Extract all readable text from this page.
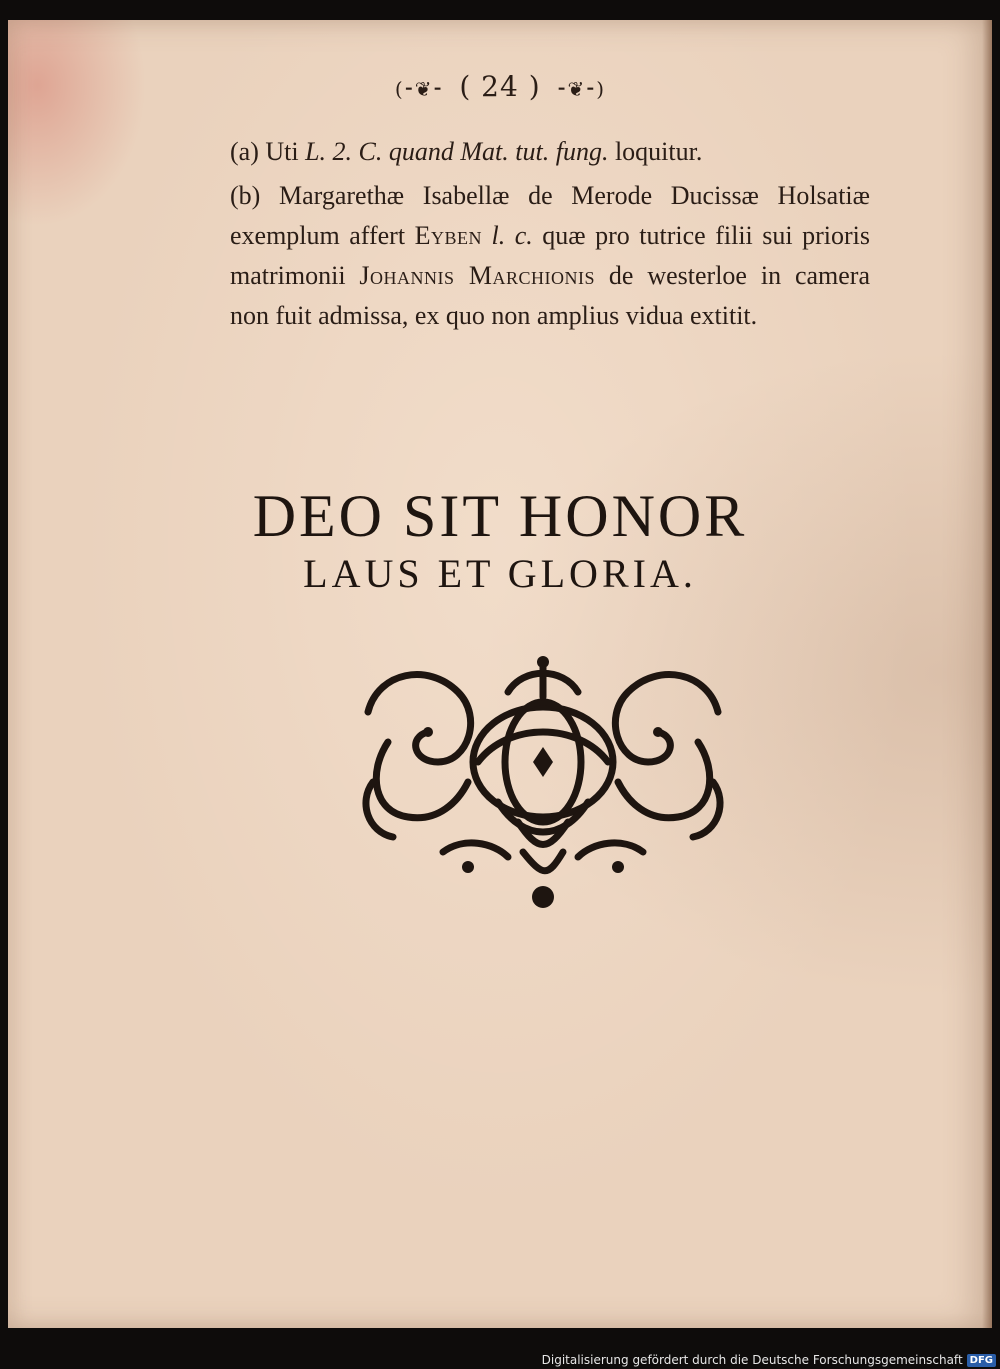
(⁃❦⁃ ( 24 ) ⁃❦⁃)

(a) Uti L. 2. C. quand Mat. tut. fung. loquitur.

(b) Margarethæ Isabellæ de Merode Ducissæ Holsatiæ exemplum affert Eyben l. c. quæ pro tutrice filii sui prioris matrimonii Johannis Marchionis de westerloe in camera non fuit admissa, ex quo non amplius vidua extitit.

DEO SIT HONOR
LAUS ET GLORIA.

Digitalisierung gefördert durch die Deutsche Forschungsgemeinschaft DFG
